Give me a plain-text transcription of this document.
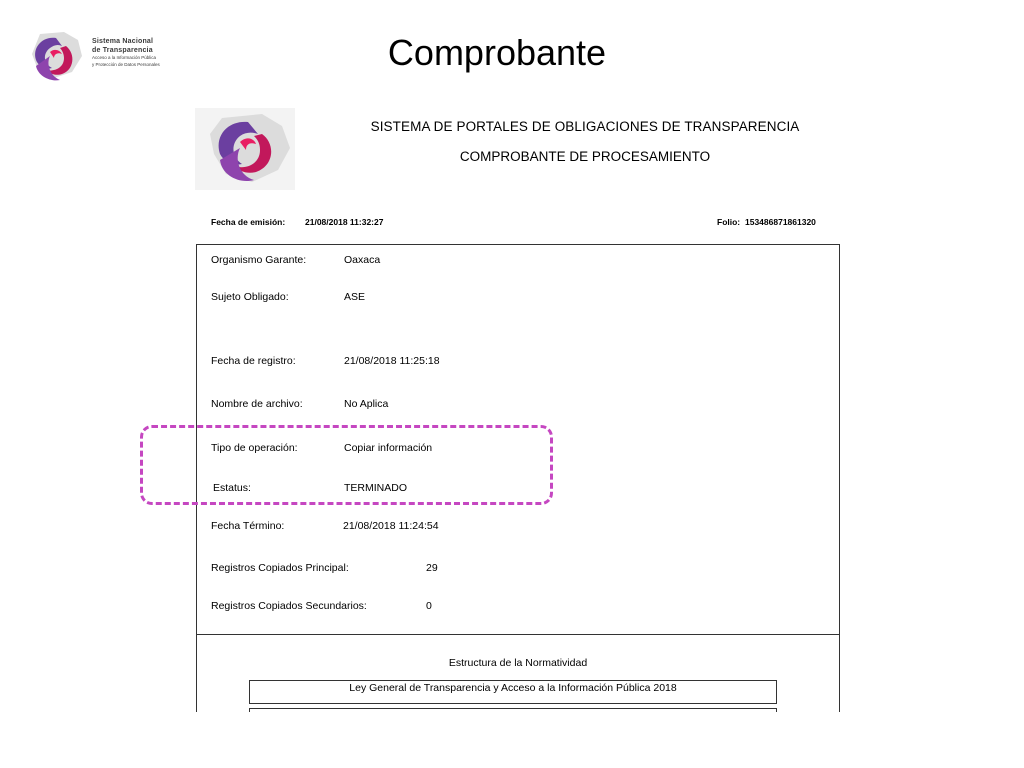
Sistema Nacional
de Transparencia
Acceso a la Información Pública
y Protección de Datos Personales	Comprobante
SISTEMA DE PORTALES DE OBLIGACIONES DE TRANSPARENCIA
COMPROBANTE DE PROCESAMIENTO
Fecha de emisión: 21/08/2018 11:32:27	Folio: 153486871861320
Organismo Garante:	Oaxaca
Sujeto Obligado:	ASE
Fecha de registro:	21/08/2018 11:25:18
Nombre de archivo:	No Aplica
Tipo de operación:	Copiar información
Estatus:	TERMINADO
Fecha Término:	21/08/2018 11:24:54
Registros Copiados Principal:	29
Registros Copiados Secundarios:	0
Estructura de la Normatividad
Ley General de Transparencia y Acceso a la Información Pública 2018
